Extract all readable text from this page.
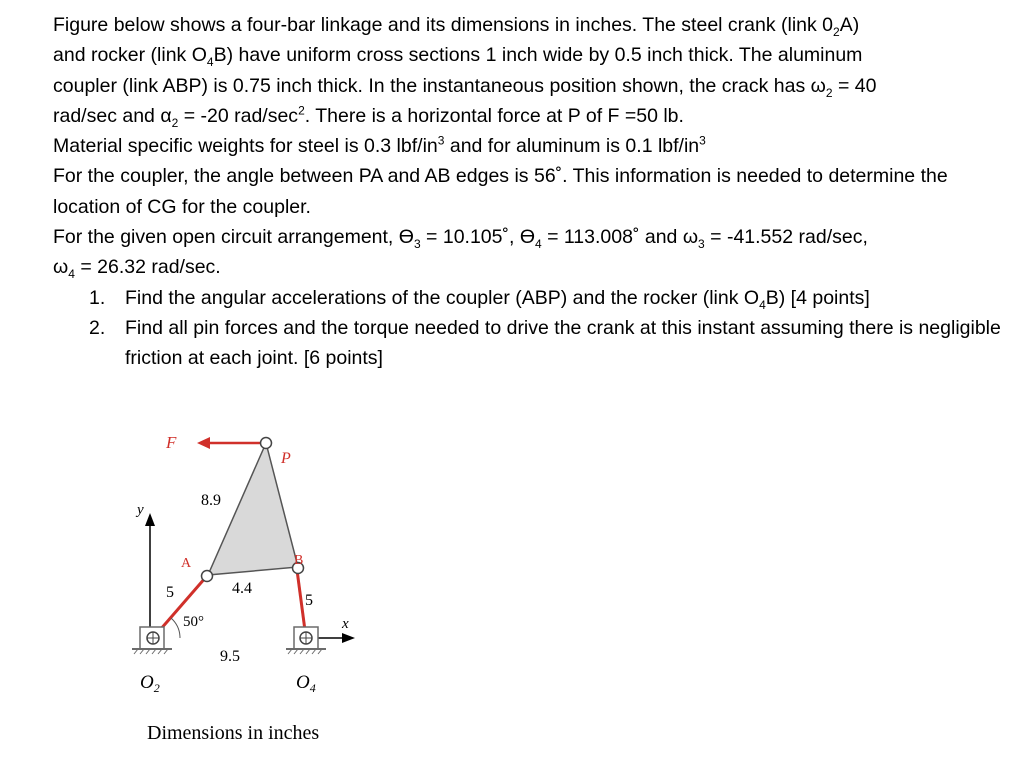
Figure below shows a four-bar linkage and its dimensions in inches. The steel crank (link $0_2A$)
and rocker (link $O_4B$) have uniform cross sections 1 inch wide by 0.5 inch thick. The aluminum
coupler (link ABP) is 0.75 inch thick. In the instantaneous position shown, the crack has $\omega_2 = 40$
rad/sec and $\alpha_2 = -20$ rad/$\sec^2$. There is a horizontal force at P of F =50 lb.

Material specific weights for steel is 0.3 lbf/$in^3$ and for aluminum is 0.1 lbf/$in^3$

For the coupler, the angle between PA and AB edges is 56˚. This information is needed to determine the location of CG for the coupler.

For the given open circuit arrangement, $ϴ_3$ = 10.105˚, $ϴ_4$ = 113.008˚ and $\omega_3 = -41.552$ rad/sec,
$\omega_4 = 26.32$ rad/sec.

1. Find the angular accelerations of the coupler (ABP) and the rocker (link $O_4B$) [4 points]
2. Find all pin forces and the torque needed to drive the crank at this instant assuming there is negligible friction at each joint. [6 points]
F
P
y
x
A	B
8.9
4.4
5	5
9.5
50°
$O_2$	$O_4$
Dimensions in inches
